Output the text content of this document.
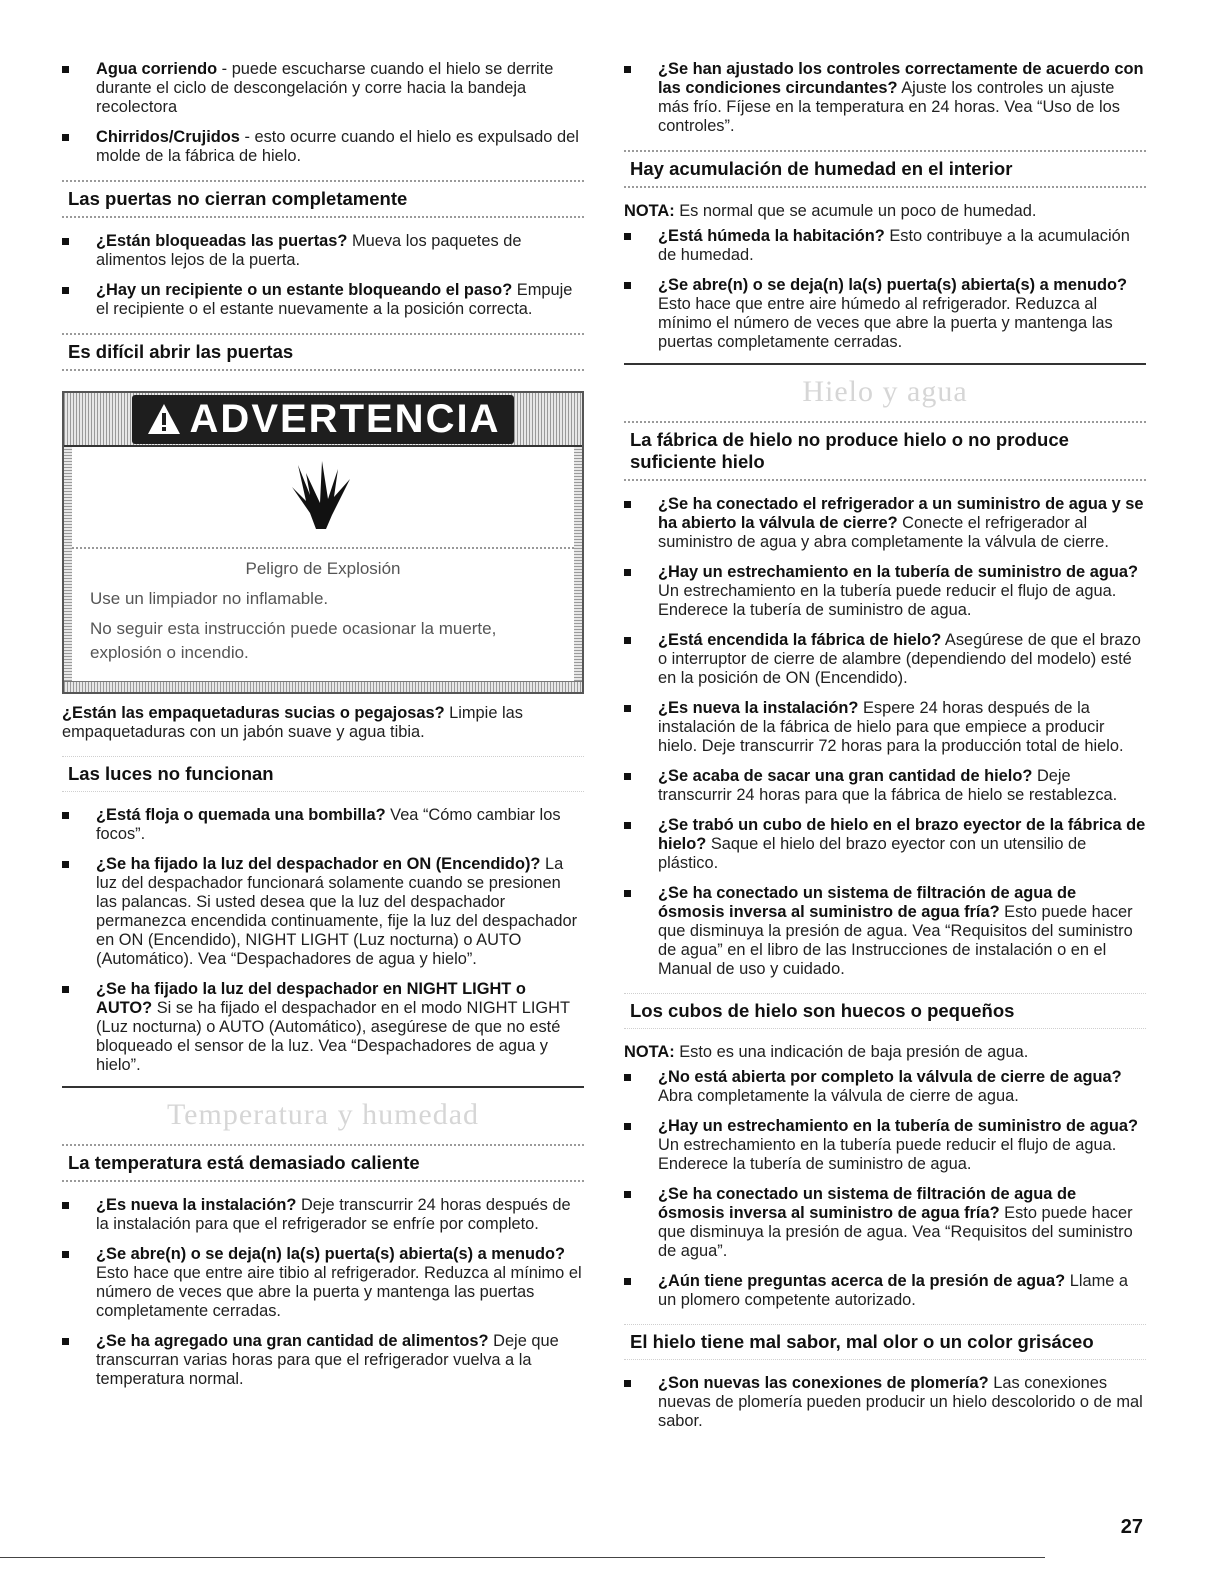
Agua corriendo - puede escucharse cuando el hielo se derrite durante el ciclo de descongelación y corre hacia la bandeja recolectora
Chirridos/Crujidos - esto ocurre cuando el hielo es expulsado del molde de la fábrica de hielo.
Las puertas no cierran completamente
¿Están bloqueadas las puertas? Mueva los paquetes de alimentos lejos de la puerta.
¿Hay un recipiente o un estante bloqueando el paso? Empuje el recipiente o el estante nuevamente a la posición correcta.
Es difícil abrir las puertas
ADVERTENCIA
Peligro de Explosión

Use un limpiador no inflamable.

No seguir esta instrucción puede ocasionar la muerte, explosión o incendio.

¿Están las empaquetaduras sucias o pegajosas? Limpie las empaquetaduras con un jabón suave y agua tibia.

Las luces no funcionan
¿Está floja o quemada una bombilla? Vea “Cómo cambiar los focos”.
¿Se ha fijado la luz del despachador en ON (Encendido)? La luz del despachador funcionará solamente cuando se presionen las palancas. Si usted desea que la luz del despachador permanezca encendida continuamente, fije la luz del despachador en ON (Encendido), NIGHT LIGHT (Luz nocturna) o AUTO (Automático). Vea “Despachadores de agua y hielo”.
¿Se ha fijado la luz del despachador en NIGHT LIGHT o AUTO? Si se ha fijado el despachador en el modo NIGHT LIGHT (Luz nocturna) o AUTO (Automático), asegúrese de que no esté bloqueado el sensor de la luz. Vea “Despachadores de agua y hielo”.
Temperatura y humedad
La temperatura está demasiado caliente
¿Es nueva la instalación? Deje transcurrir 24 horas después de la instalación para que el refrigerador se enfríe por completo.
¿Se abre(n) o se deja(n) la(s) puerta(s) abierta(s) a menudo? Esto hace que entre aire tibio al refrigerador. Reduzca al mínimo el número de veces que abre la puerta y mantenga las puertas completamente cerradas.
¿Se ha agregado una gran cantidad de alimentos? Deje que transcurran varias horas para que el refrigerador vuelva a la temperatura normal.
¿Se han ajustado los controles correctamente de acuerdo con las condiciones circundantes? Ajuste los controles un ajuste más frío. Fíjese en la temperatura en 24 horas. Vea “Uso de los controles”.
Hay acumulación de humedad en el interior

NOTA: Es normal que se acumule un poco de humedad.

¿Está húmeda la habitación? Esto contribuye a la acumulación de humedad.
¿Se abre(n) o se deja(n) la(s) puerta(s) abierta(s) a menudo? Esto hace que entre aire húmedo al refrigerador. Reduzca al mínimo el número de veces que abre la puerta y mantenga las puertas completamente cerradas.
Hielo y agua
La fábrica de hielo no produce hielo o no produce suficiente hielo
¿Se ha conectado el refrigerador a un suministro de agua y se ha abierto la válvula de cierre? Conecte el refrigerador al suministro de agua y abra completamente la válvula de cierre.
¿Hay un estrechamiento en la tubería de suministro de agua? Un estrechamiento en la tubería puede reducir el flujo de agua. Enderece la tubería de suministro de agua.
¿Está encendida la fábrica de hielo? Asegúrese de que el brazo o interruptor de cierre de alambre (dependiendo del modelo) esté en la posición de ON (Encendido).
¿Es nueva la instalación? Espere 24 horas después de la instalación de la fábrica de hielo para que empiece a producir hielo. Deje transcurrir 72 horas para la producción total de hielo.
¿Se acaba de sacar una gran cantidad de hielo? Deje transcurrir 24 horas para que la fábrica de hielo se restablezca.
¿Se trabó un cubo de hielo en el brazo eyector de la fábrica de hielo? Saque el hielo del brazo eyector con un utensilio de plástico.
¿Se ha conectado un sistema de filtración de agua de ósmosis inversa al suministro de agua fría? Esto puede hacer que disminuya la presión de agua. Vea “Requisitos del suministro de agua” en el libro de las Instrucciones de instalación o en el Manual de uso y cuidado.
Los cubos de hielo son huecos o pequeños

NOTA: Esto es una indicación de baja presión de agua.

¿No está abierta por completo la válvula de cierre de agua? Abra completamente la válvula de cierre de agua.
¿Hay un estrechamiento en la tubería de suministro de agua? Un estrechamiento en la tubería puede reducir el flujo de agua. Enderece la tubería de suministro de agua.
¿Se ha conectado un sistema de filtración de agua de ósmosis inversa al suministro de agua fría? Esto puede hacer que disminuya la presión de agua. Vea “Requisitos del suministro de agua”.
¿Aún tiene preguntas acerca de la presión de agua? Llame a un plomero competente autorizado.
El hielo tiene mal sabor, mal olor o un color grisáceo
¿Son nuevas las conexiones de plomería? Las conexiones nuevas de plomería pueden producir un hielo descolorido o de mal sabor.
27
